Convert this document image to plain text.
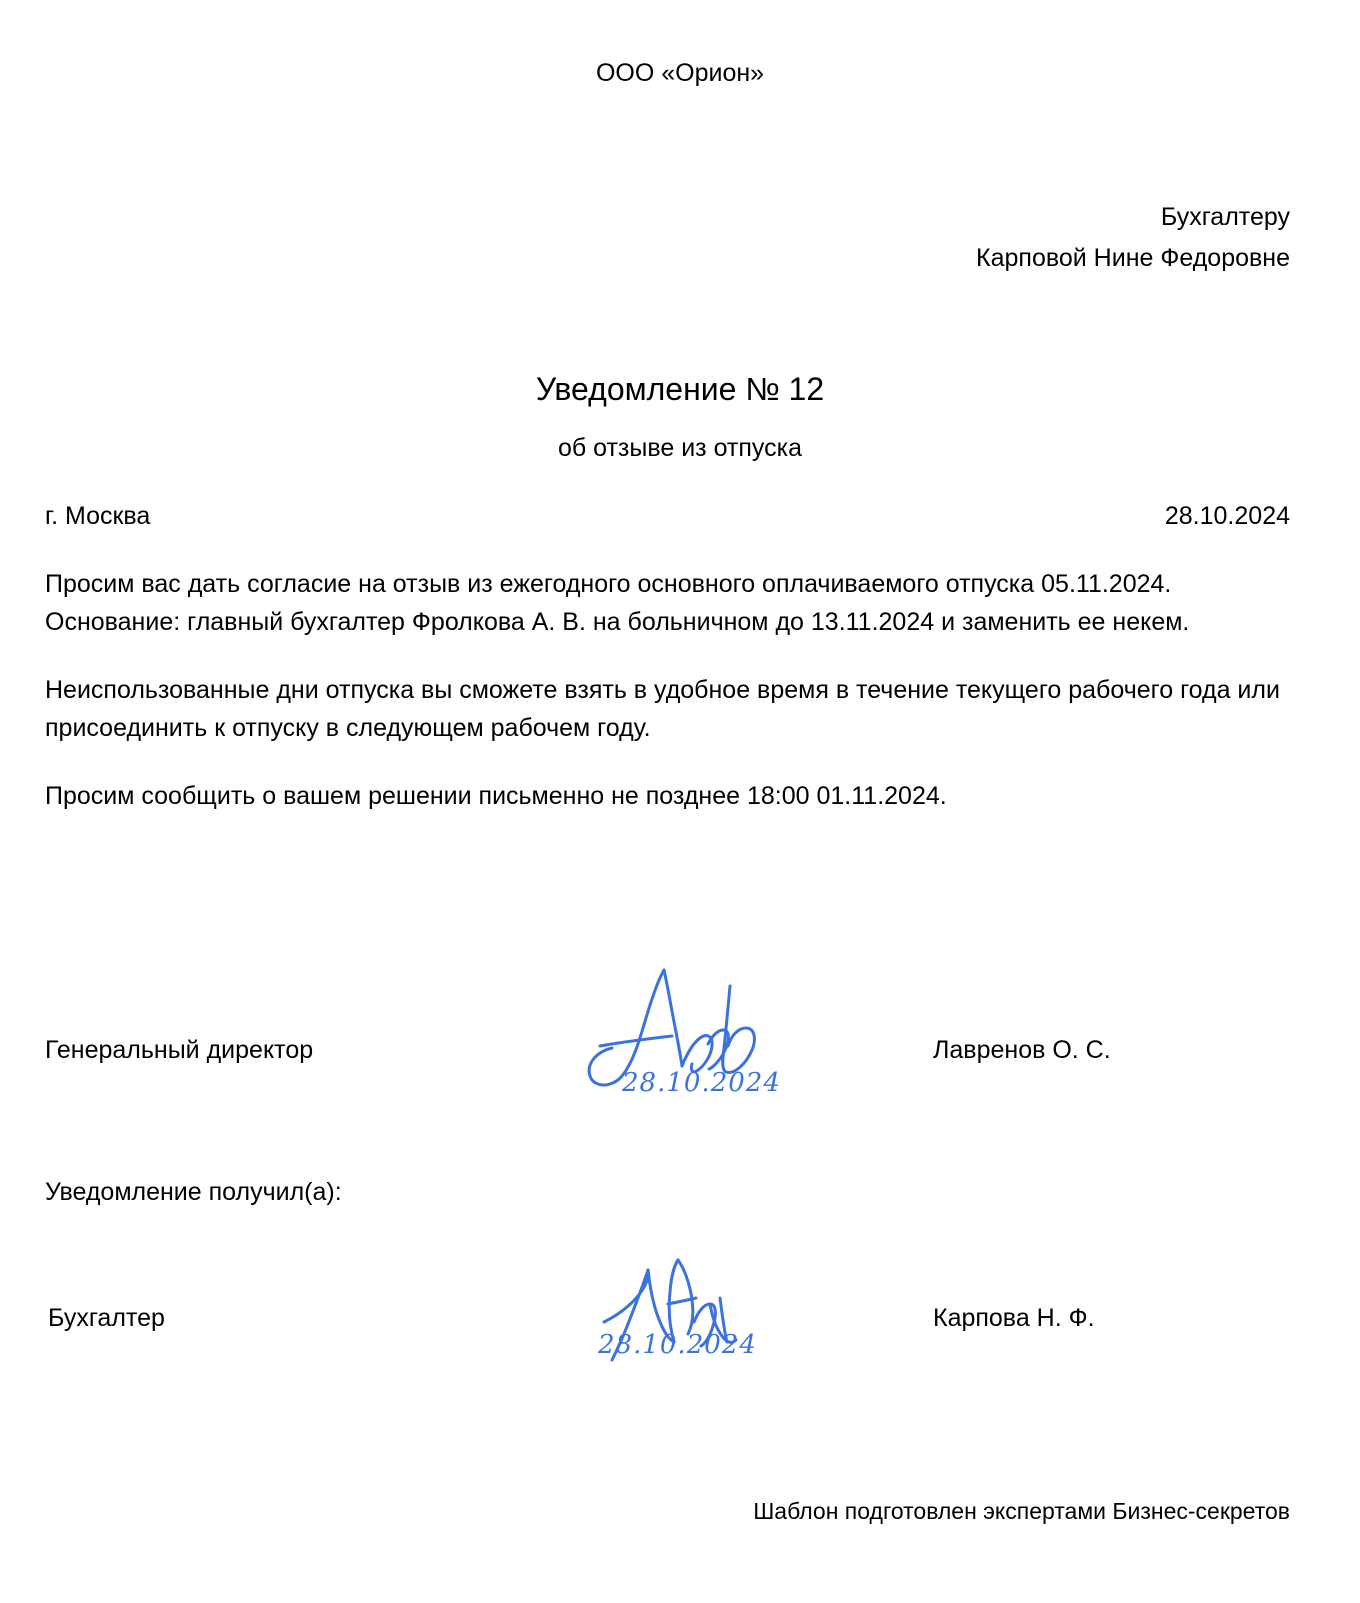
ООО «Орион»
Бухгалтеру
Карповой Нине Федоровне
Уведомление № 12
об отзыве из отпуска
г. Москва	28.10.2024

Просим вас дать согласие на отзыв из ежегодного основного оплачиваемого отпуска 05.11.2024. Основание: главный бухгалтер Фролкова А. В. на больничном до 13.11.2024 и заменить ее некем.

Неиспользованные дни отпуска вы сможете взять в удобное время в течение текущего рабочего года или присоединить к отпуску в следующем рабочем году.

Просим сообщить о вашем решении письменно не позднее 18:00 01.11.2024.

28.10.2024
Генеральный директор	Лавренов О. С.
Уведомление получил(а):
28.10.2024
Бухгалтер	Карпова Н. Ф.
Шаблон подготовлен экспертами Бизнес-секретов
